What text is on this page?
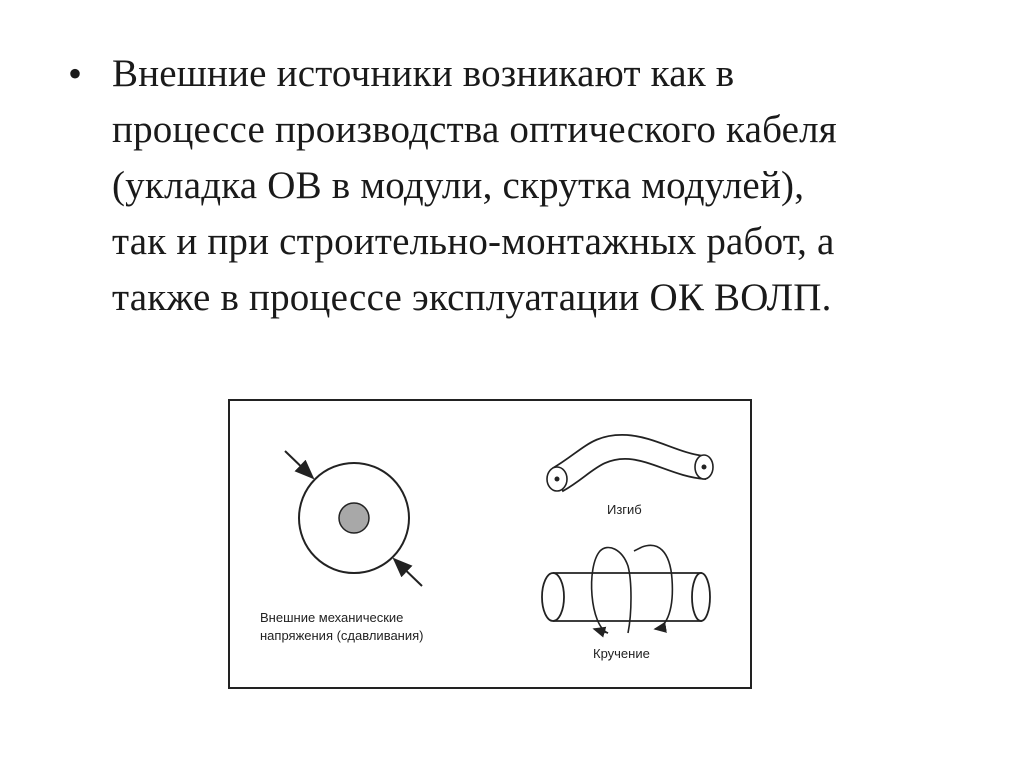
• Внешние источники возникают как в
процессе производства оптического кабеля
(укладка ОВ в модули, скрутка модулей),
так и при строительно-монтажных работ, а
также в процессе эксплуатации ОК ВОЛП.
Внешние механические
напряжения (сдавливания)
Изгиб
Кручение
